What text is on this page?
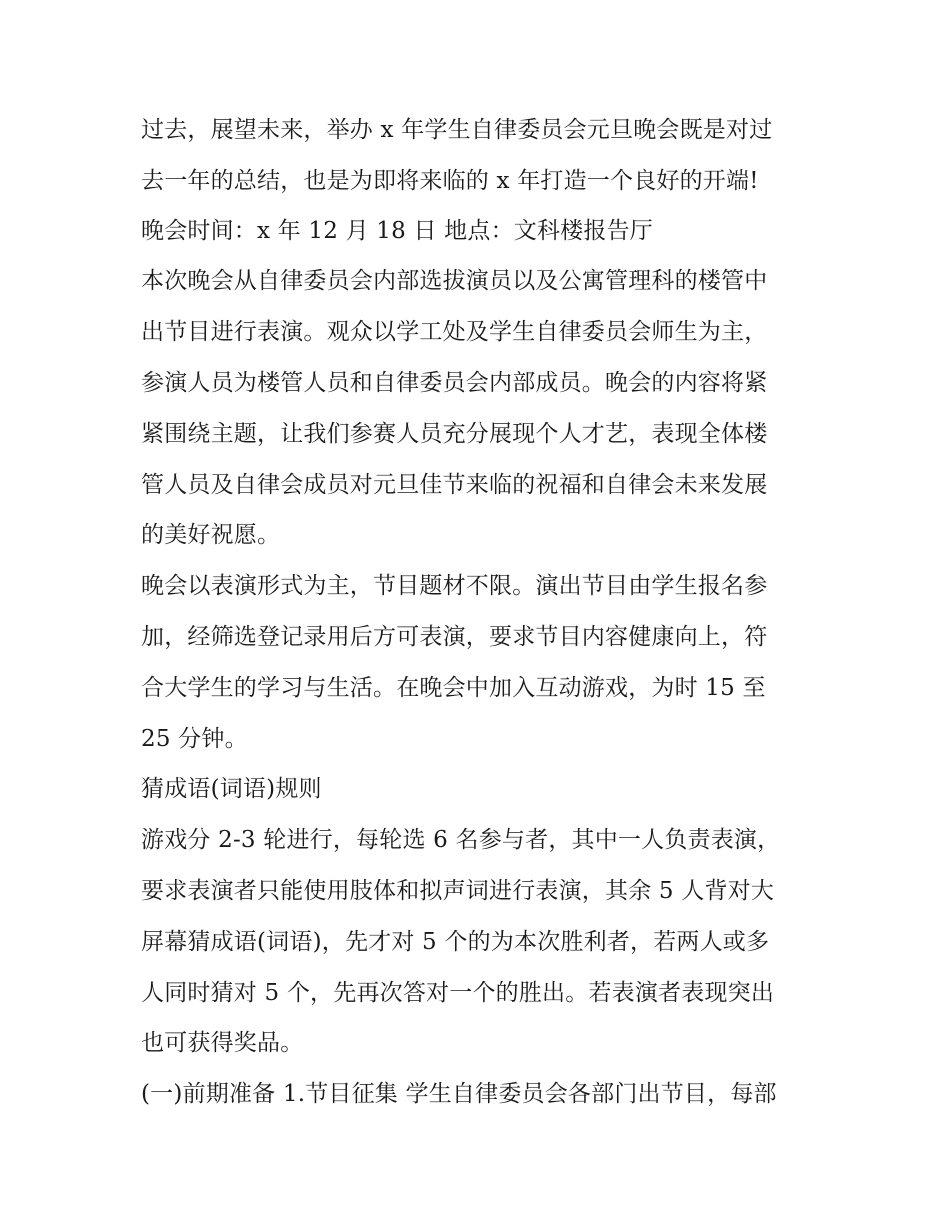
过去，展望未来，举办 x 年学生自律委员会元旦晚会既是对过
去一年的总结，也是为即将来临的 x 年打造一个良好的开端!
晚会时间：x 年 12 月 18 日 地点：文科楼报告厅
本次晚会从自律委员会内部选拔演员以及公寓管理科的楼管中
出节目进行表演。观众以学工处及学生自律委员会师生为主，
参演人员为楼管人员和自律委员会内部成员。晚会的内容将紧
紧围绕主题，让我们参赛人员充分展现个人才艺，表现全体楼
管人员及自律会成员对元旦佳节来临的祝福和自律会未来发展
的美好祝愿。
晚会以表演形式为主，节目题材不限。演出节目由学生报名参
加，经筛选登记录用后方可表演，要求节目内容健康向上，符
合大学生的学习与生活。在晚会中加入互动游戏，为时 15 至
25 分钟。
猜成语(词语)规则
游戏分 2-3 轮进行，每轮选 6 名参与者，其中一人负责表演，
要求表演者只能使用肢体和拟声词进行表演，其余 5 人背对大
屏幕猜成语(词语)，先才对 5 个的为本次胜利者，若两人或多
人同时猜对 5 个，先再次答对一个的胜出。若表演者表现突出
也可获得奖品。
(一)前期准备 1.节目征集 学生自律委员会各部门出节目，每部
